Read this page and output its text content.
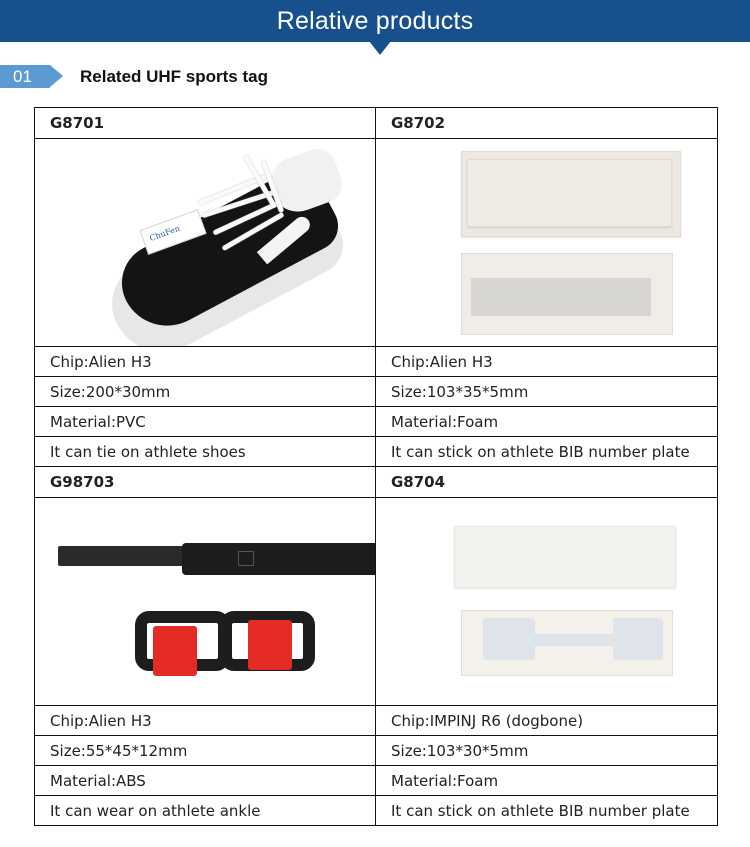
Relative products
01	Related UHF sports tag
G8701	G8702

ChuFen	

Chip:Alien H3	Chip:Alien H3
Size:200*30mm	Size:103*35*5mm
Material:PVC	Material:Foam
It can tie on athlete shoes	It can stick on athlete BIB number plate
G98703	G8704

Chip:Alien H3	Chip:IMPINJ R6 (dogbone)
Size:55*45*12mm	Size:103*30*5mm
Material:ABS	Material:Foam
It can wear on athlete ankle	It can stick on athlete BIB number plate
